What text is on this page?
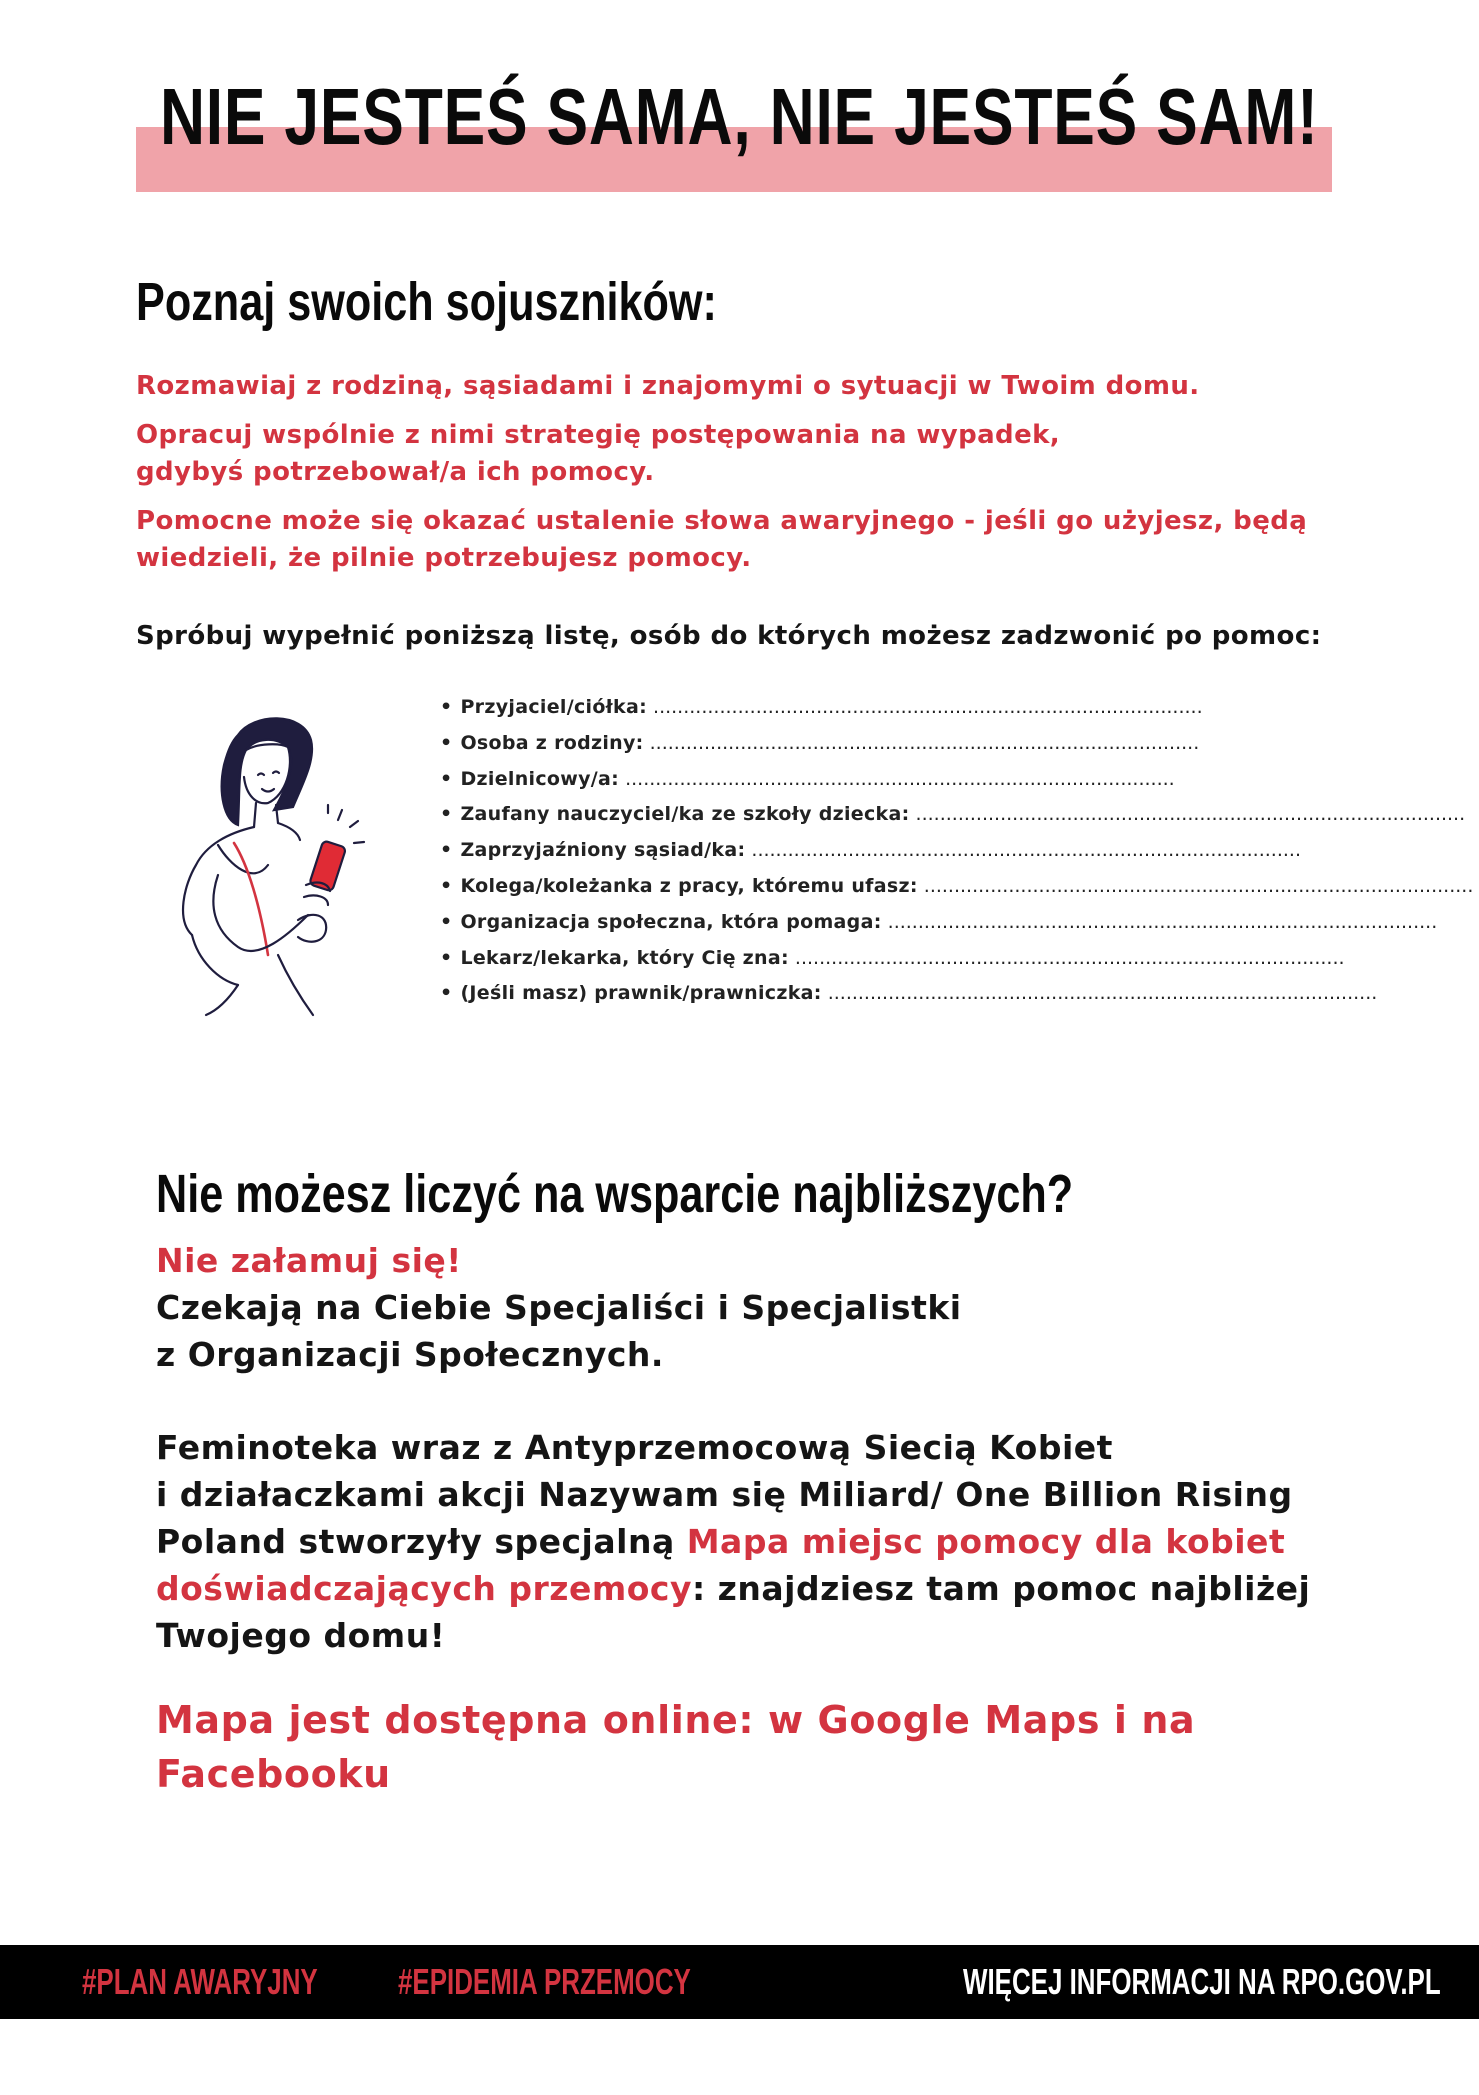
NIE JESTEŚ SAMA, NIE JESTEŚ SAM!
Poznaj swoich sojuszników:
Rozmawiaj z rodziną, sąsiadami i znajomymi o sytuacji w Twoim domu.
Opracuj wspólnie z nimi strategię postępowania na wypadek, gdybyś potrzebował/a ich pomocy.
Pomocne może się okazać ustalenie słowa awaryjnego - jeśli go użyjesz, będą wiedzieli, że pilnie potrzebujesz pomocy.
Spróbuj wypełnić poniższą listę, osób do których możesz zadzwonić po pomoc:
• Przyjaciel/ciółka: ...........................................................................................
• Osoba z rodziny: ...........................................................................................
• Dzielnicowy/a: ...........................................................................................
• Zaufany nauczyciel/ka ze szkoły dziecka: ...........................................................................................
• Zaprzyjaźniony sąsiad/ka: ...........................................................................................
• Kolega/koleżanka z pracy, któremu ufasz: ...........................................................................................
• Organizacja społeczna, która pomaga: ...........................................................................................
• Lekarz/lekarka, który Cię zna: ...........................................................................................
• (Jeśli masz) prawnik/prawniczka: ...........................................................................................
Nie możesz liczyć na wsparcie najbliższych?
Nie załamuj się!
Czekają na Ciebie Specjaliści i Specjalistki
z Organizacji Społecznych.
Feminoteka wraz z Antyprzemocową Siecią Kobiet
i działaczkami akcji Nazywam się Miliard/ One Billion Rising
Poland stworzyły specjalną Mapa miejsc pomocy dla kobiet
doświadczających przemocy: znajdziesz tam pomoc najbliżej
Twojego domu!
Mapa jest dostępna online: w Google Maps i na
Facebooku
#PLAN AWARYJNY #EPIDEMIA PRZEMOCY	WIĘCEJ INFORMACJI NA RPO.GOV.PL
